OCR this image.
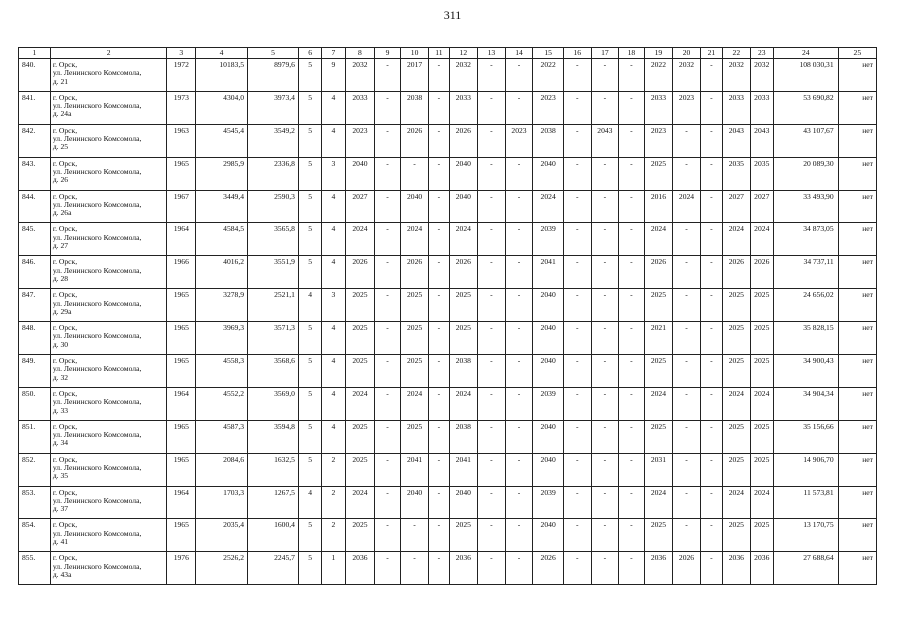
311
1	2	3	4	5	6	7	8	9	10	11	12	13	14	15	16	17	18	19	20	21	22	23	24	25
840.	г. Орск,
ул. Ленинского Комсомола,
д. 21	1972	10183,5	8979,6	5	9	2032	-	2017	-	2032	-	-	2022	-	-	-	2022	2032	-	2032	2032	108 030,31	нет
841.	г. Орск,
ул. Ленинского Комсомола,
д. 24а	1973	4304,0	3973,4	5	4	2033	-	2038	-	2033	-	-	2023	-	-	-	2033	2023	-	2033	2033	53 690,82	нет
842.	г. Орск,
ул. Ленинского Комсомола,
д. 25	1963	4545,4	3549,2	5	4	2023	-	2026	-	2026	-	2023	2038	-	2043	-	2023	-	-	2043	2043	43 107,67	нет
843.	г. Орск,
ул. Ленинского Комсомола,
д. 26	1965	2985,9	2336,8	5	3	2040	-	-	-	2040	-	-	2040	-	-	-	2025	-	-	2035	2035	20 089,30	нет
844.	г. Орск,
ул. Ленинского Комсомола,
д. 26а	1967	3449,4	2590,3	5	4	2027	-	2040	-	2040	-	-	2024	-	-	-	2016	2024	-	2027	2027	33 493,90	нет
845.	г. Орск,
ул. Ленинского Комсомола,
д. 27	1964	4584,5	3565,8	5	4	2024	-	2024	-	2024	-	-	2039	-	-	-	2024	-	-	2024	2024	34 873,05	нет
846.	г. Орск,
ул. Ленинского Комсомола,
д. 28	1966	4016,2	3551,9	5	4	2026	-	2026	-	2026	-	-	2041	-	-	-	2026	-	-	2026	2026	34 737,11	нет
847.	г. Орск,
ул. Ленинского Комсомола,
д. 29а	1965	3278,9	2521,1	4	3	2025	-	2025	-	2025	-	-	2040	-	-	-	2025	-	-	2025	2025	24 656,02	нет
848.	г. Орск,
ул. Ленинского Комсомола,
д. 30	1965	3969,3	3571,3	5	4	2025	-	2025	-	2025	-	-	2040	-	-	-	2021	-	-	2025	2025	35 828,15	нет
849.	г. Орск,
ул. Ленинского Комсомола,
д. 32	1965	4558,3	3568,6	5	4	2025	-	2025	-	2038	-	-	2040	-	-	-	2025	-	-	2025	2025	34 900,43	нет
850.	г. Орск,
ул. Ленинского Комсомола,
д. 33	1964	4552,2	3569,0	5	4	2024	-	2024	-	2024	-	-	2039	-	-	-	2024	-	-	2024	2024	34 904,34	нет
851.	г. Орск,
ул. Ленинского Комсомола,
д. 34	1965	4587,3	3594,8	5	4	2025	-	2025	-	2038	-	-	2040	-	-	-	2025	-	-	2025	2025	35 156,66	нет
852.	г. Орск,
ул. Ленинского Комсомола,
д. 35	1965	2084,6	1632,5	5	2	2025	-	2041	-	2041	-	-	2040	-	-	-	2031	-	-	2025	2025	14 906,70	нет
853.	г. Орск,
ул. Ленинского Комсомола,
д. 37	1964	1703,3	1267,5	4	2	2024	-	2040	-	2040	-	-	2039	-	-	-	2024	-	-	2024	2024	11 573,81	нет
854.	г. Орск,
ул. Ленинского Комсомола,
д. 41	1965	2035,4	1600,4	5	2	2025	-	-	-	2025	-	-	2040	-	-	-	2025	-	-	2025	2025	13 170,75	нет
855.	г. Орск,
ул. Ленинского Комсомола,
д. 43а	1976	2526,2	2245,7	5	1	2036	-	-	-	2036	-	-	2026	-	-	-	2036	2026	-	2036	2036	27 688,64	нет
